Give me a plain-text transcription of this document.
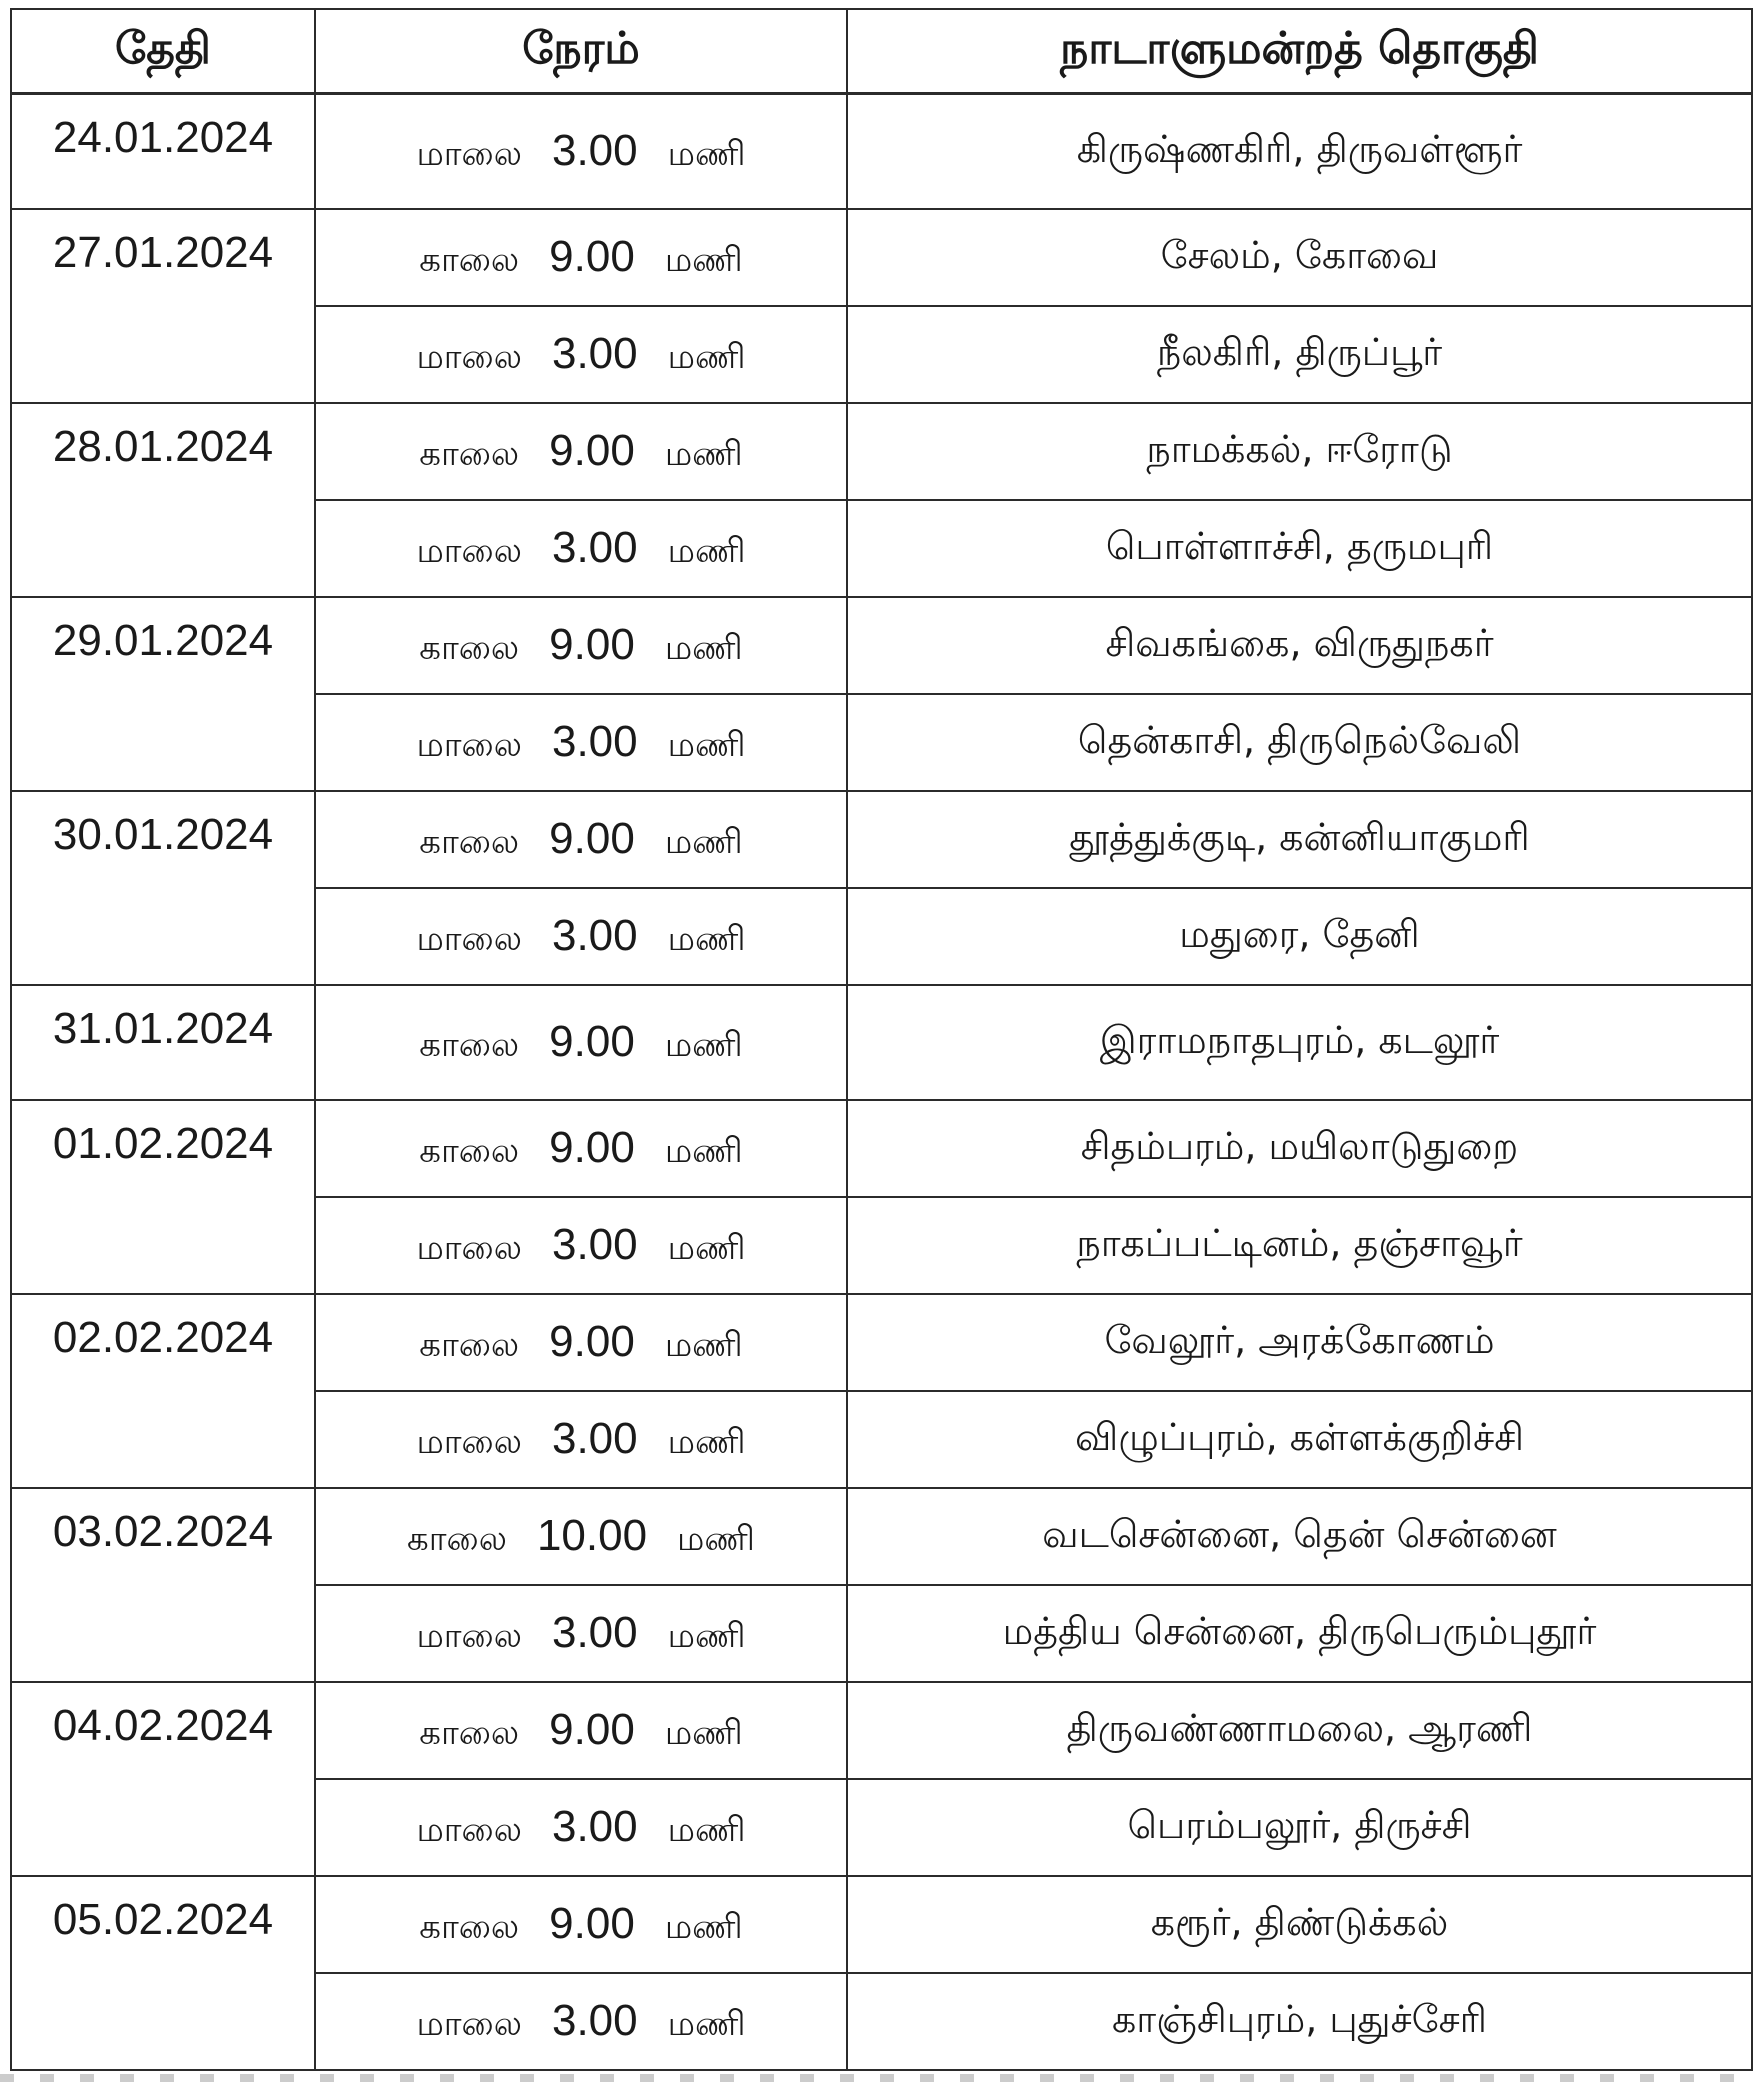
தேதி	நேரம்	நாடாளுமன்றத் தொகுதி
24.01.2024	மாலை 3.00 மணி	கிருஷ்ணகிரி, திருவள்ளூர்
27.01.2024	காலை 9.00 மணி	சேலம், கோவை
	மாலை 3.00 மணி	நீலகிரி, திருப்பூர்
28.01.2024	காலை 9.00 மணி	நாமக்கல், ஈரோடு
	மாலை 3.00 மணி	பொள்ளாச்சி, தருமபுரி
29.01.2024	காலை 9.00 மணி	சிவகங்கை, விருதுநகர்
	மாலை 3.00 மணி	தென்காசி, திருநெல்வேலி
30.01.2024	காலை 9.00 மணி	தூத்துக்குடி, கன்னியாகுமரி
	மாலை 3.00 மணி	மதுரை, தேனி
31.01.2024	காலை 9.00 மணி	இராமநாதபுரம், கடலூர்
01.02.2024	காலை 9.00 மணி	சிதம்பரம், மயிலாடுதுறை
	மாலை 3.00 மணி	நாகப்பட்டினம், தஞ்சாவூர்
02.02.2024	காலை 9.00 மணி	வேலூர், அரக்கோணம்
	மாலை 3.00 மணி	விழுப்புரம், கள்ளக்குறிச்சி
03.02.2024	காலை 10.00 மணி	வடசென்னை, தென் சென்னை
	மாலை 3.00 மணி	மத்திய சென்னை, திருபெரும்புதூர்
04.02.2024	காலை 9.00 மணி	திருவண்ணாமலை, ஆரணி
	மாலை 3.00 மணி	பெரம்பலூர், திருச்சி
05.02.2024	காலை 9.00 மணி	கரூர், திண்டுக்கல்
	மாலை 3.00 மணி	காஞ்சிபுரம், புதுச்சேரி
